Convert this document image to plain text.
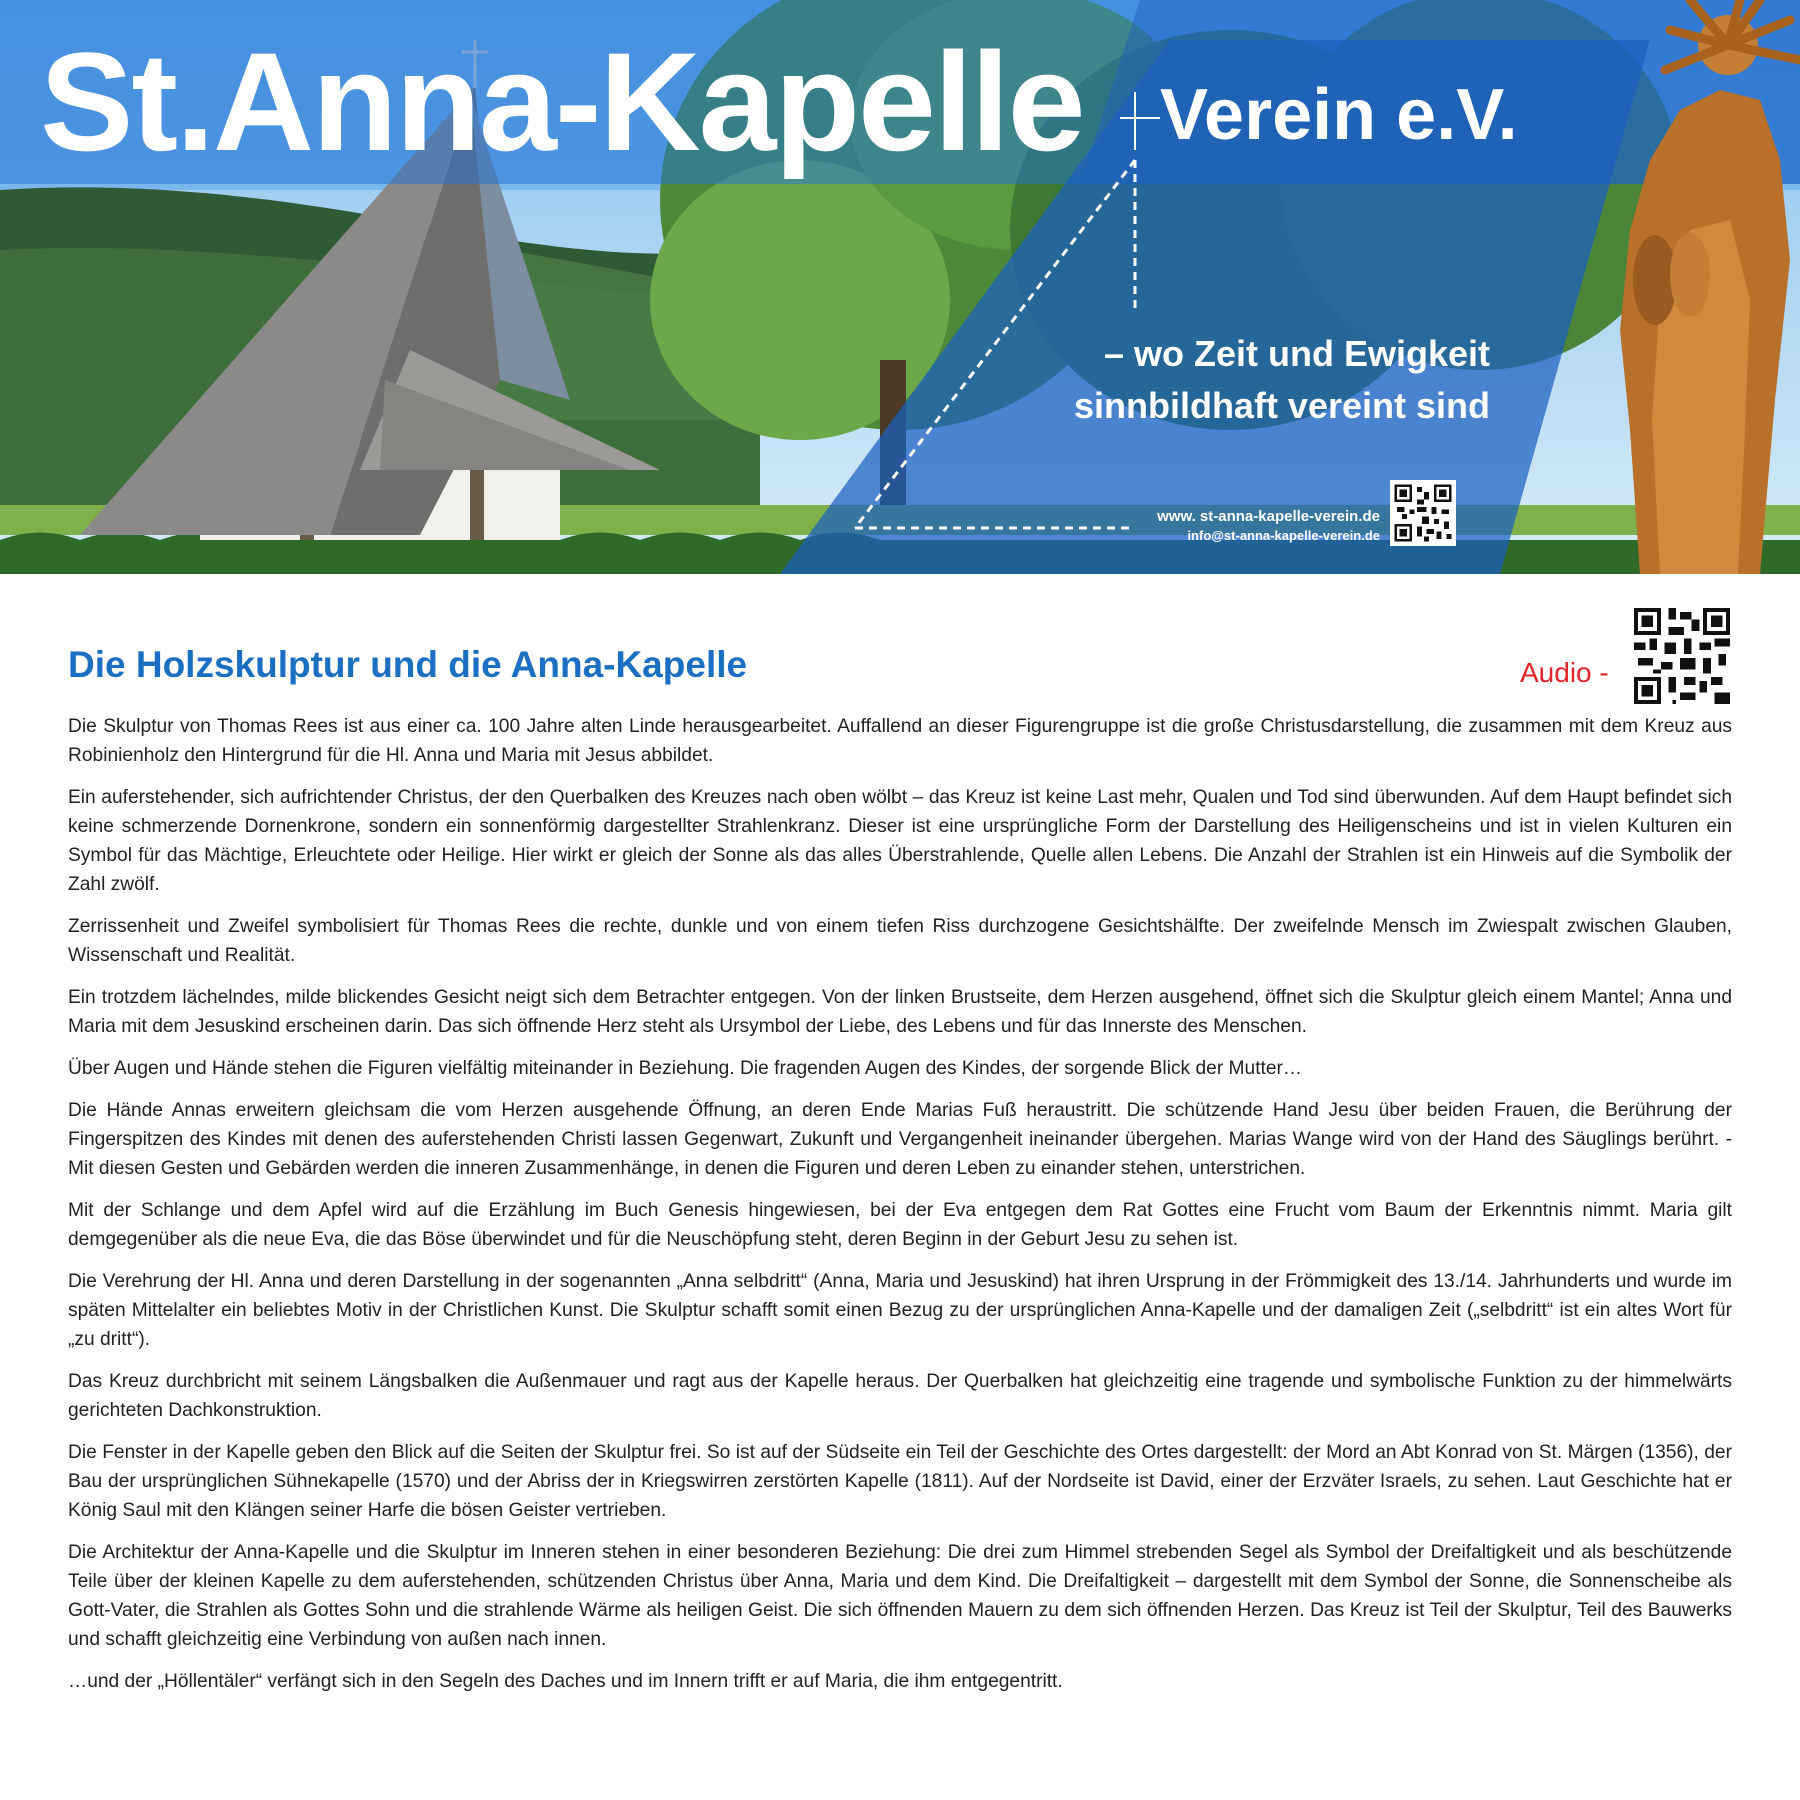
St.Anna-Kapelle Verein e.V.
– wo Zeit und Ewigkeit
sinnbildhaft vereint sind
www. st-anna-kapelle-verein.de
info@st-anna-kapelle-verein.de
Die Holzskulptur und die Anna-Kapelle	Audio -

Die Skulptur von Thomas Rees ist aus einer ca. 100 Jahre alten Linde herausgearbeitet. Auffallend an dieser Figurengruppe ist die große Christusdarstellung, die zusammen mit dem Kreuz aus Robinienholz den Hintergrund für die Hl. Anna und Maria mit Jesus abbildet.

Ein auferstehender, sich aufrichtender Christus, der den Querbalken des Kreuzes nach oben wölbt – das Kreuz ist keine Last mehr, Qualen und Tod sind überwunden. Auf dem Haupt befindet sich keine schmerzende Dornenkrone, sondern ein sonnenförmig dargestellter Strahlenkranz. Dieser ist eine ursprüngliche Form der Darstellung des Heiligenscheins und ist in vielen Kulturen ein Symbol für das Mächtige, Erleuchtete oder Heilige. Hier wirkt er gleich der Sonne als das alles Überstrahlende, Quelle allen Lebens. Die Anzahl der Strahlen ist ein Hinweis auf die Symbolik der Zahl zwölf.

Zerrissenheit und Zweifel symbolisiert für Thomas Rees die rechte, dunkle und von einem tiefen Riss durchzogene Gesichtshälfte. Der zweifelnde Mensch im Zwiespalt zwischen Glauben, Wissenschaft und Realität.

Ein trotzdem lächelndes, milde blickendes Gesicht neigt sich dem Betrachter entgegen. Von der linken Brustseite, dem Herzen ausgehend, öffnet sich die Skulptur gleich einem Mantel; Anna und Maria mit dem Jesuskind erscheinen darin. Das sich öffnende Herz steht als Ursymbol der Liebe, des Lebens und für das Innerste des Menschen.

Über Augen und Hände stehen die Figuren vielfältig miteinander in Beziehung. Die fragenden Augen des Kindes, der sorgende Blick der Mutter…

Die Hände Annas erweitern gleichsam die vom Herzen ausgehende Öffnung, an deren Ende Marias Fuß heraustritt. Die schützende Hand Jesu über beiden Frauen, die Berührung der Fingerspitzen des Kindes mit denen des auferstehenden Christi lassen Gegenwart, Zukunft und Vergangenheit ineinander übergehen. Marias Wange wird von der Hand des Säuglings berührt. - Mit diesen Gesten und Gebärden werden die inneren Zusammenhänge, in denen die Figuren und deren Leben zu einander stehen, unterstrichen.

Mit der Schlange und dem Apfel wird auf die Erzählung im Buch Genesis hingewiesen, bei der Eva entgegen dem Rat Gottes eine Frucht vom Baum der Erkenntnis nimmt. Maria gilt demgegenüber als die neue Eva, die das Böse überwindet und für die Neuschöpfung steht, deren Beginn in der Geburt Jesu zu sehen ist.

Die Verehrung der Hl. Anna und deren Darstellung in der sogenannten „Anna selbdritt“ (Anna, Maria und Jesuskind) hat ihren Ursprung in der Frömmigkeit des 13./14. Jahrhunderts und wurde im späten Mittelalter ein beliebtes Motiv in der Christlichen Kunst. Die Skulptur schafft somit einen Bezug zu der ursprünglichen Anna-Kapelle und der damaligen Zeit („selbdritt“ ist ein altes Wort für „zu dritt“).

Das Kreuz durchbricht mit seinem Längsbalken die Außenmauer und ragt aus der Kapelle heraus. Der Querbalken hat gleichzeitig eine tragende und symbolische Funktion zu der himmelwärts gerichteten Dachkonstruktion.

Die Fenster in der Kapelle geben den Blick auf die Seiten der Skulptur frei. So ist auf der Südseite ein Teil der Geschichte des Ortes dargestellt: der Mord an Abt Konrad von St. Märgen (1356), der Bau der ursprünglichen Sühnekapelle (1570) und der Abriss der in Kriegswirren zerstörten Kapelle (1811). Auf der Nordseite ist David, einer der Erzväter Israels, zu sehen. Laut Geschichte hat er König Saul mit den Klängen seiner Harfe die bösen Geister vertrieben.

Die Architektur der Anna-Kapelle und die Skulptur im Inneren stehen in einer besonderen Beziehung: Die drei zum Himmel strebenden Segel als Symbol der Dreifaltigkeit und als beschützende Teile über der kleinen Kapelle zu dem auferstehenden, schützenden Christus über Anna, Maria und dem Kind. Die Dreifaltigkeit – dargestellt mit dem Symbol der Sonne, die Sonnenscheibe als Gott-Vater, die Strahlen als Gottes Sohn und die strahlende Wärme als heiligen Geist. Die sich öffnenden Mauern zu dem sich öffnenden Herzen. Das Kreuz ist Teil der Skulptur, Teil des Bauwerks und schafft gleichzeitig eine Verbindung von außen nach innen.

…und der „Höllentäler“ verfängt sich in den Segeln des Daches und im Innern trifft er auf Maria, die ihm entgegentritt.
